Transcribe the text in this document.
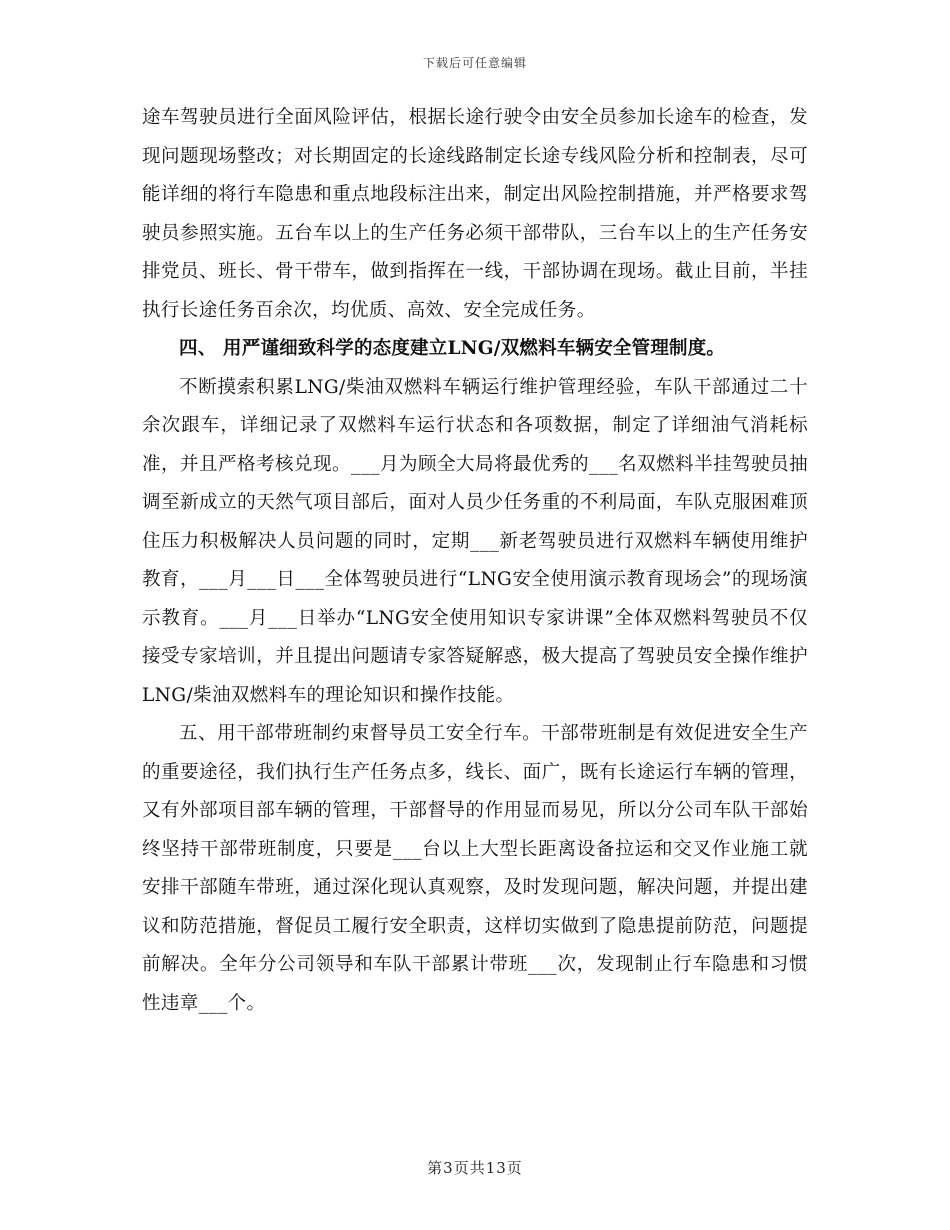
下载后可任意编辑

途车驾驶员进行全面风险评估，根据长途行驶令由安全员参加长途车的检查，发现问题现场整改；对长期固定的长途线路制定长途专线风险分析和控制表，尽可能详细的将行车隐患和重点地段标注出来，制定出风险控制措施，并严格要求驾驶员参照实施。五台车以上的生产任务必须干部带队，三台车以上的生产任务安排党员、班长、骨干带车，做到指挥在一线，干部协调在现场。截止目前，半挂执行长途任务百余次，均优质、高效、安全完成任务。

四、 用严谨细致科学的态度建立LNG/双燃料车辆安全管理制度。

不断摸索积累LNG/柴油双燃料车辆运行维护管理经验，车队干部通过二十余次跟车，详细记录了双燃料车运行状态和各项数据，制定了详细油气消耗标准，并且严格考核兑现。___月为顾全大局将最优秀的___名双燃料半挂驾驶员抽调至新成立的天然气项目部后，面对人员少任务重的不利局面，车队克服困难顶住压力积极解决人员问题的同时，定期___新老驾驶员进行双燃料车辆使用维护教育，___月___日___全体驾驶员进行“LNG安全使用演示教育现场会”的现场演示教育。___月___日举办“LNG安全使用知识专家讲课”全体双燃料驾驶员不仅接受专家培训，并且提出问题请专家答疑解惑，极大提高了驾驶员安全操作维护LNG/柴油双燃料车的理论知识和操作技能。

五、用干部带班制约束督导员工安全行车。干部带班制是有效促进安全生产的重要途径，我们执行生产任务点多，线长、面广，既有长途运行车辆的管理，又有外部项目部车辆的管理，干部督导的作用显而易见，所以分公司车队干部始终坚持干部带班制度，只要是___台以上大型长距离设备拉运和交叉作业施工就安排干部随车带班，通过深化现认真观察，及时发现问题，解决问题，并提出建议和防范措施，督促员工履行安全职责，这样切实做到了隐患提前防范，问题提前解决。全年分公司领导和车队干部累计带班___次，发现制止行车隐患和习惯性违章___个。

第3页共13页
